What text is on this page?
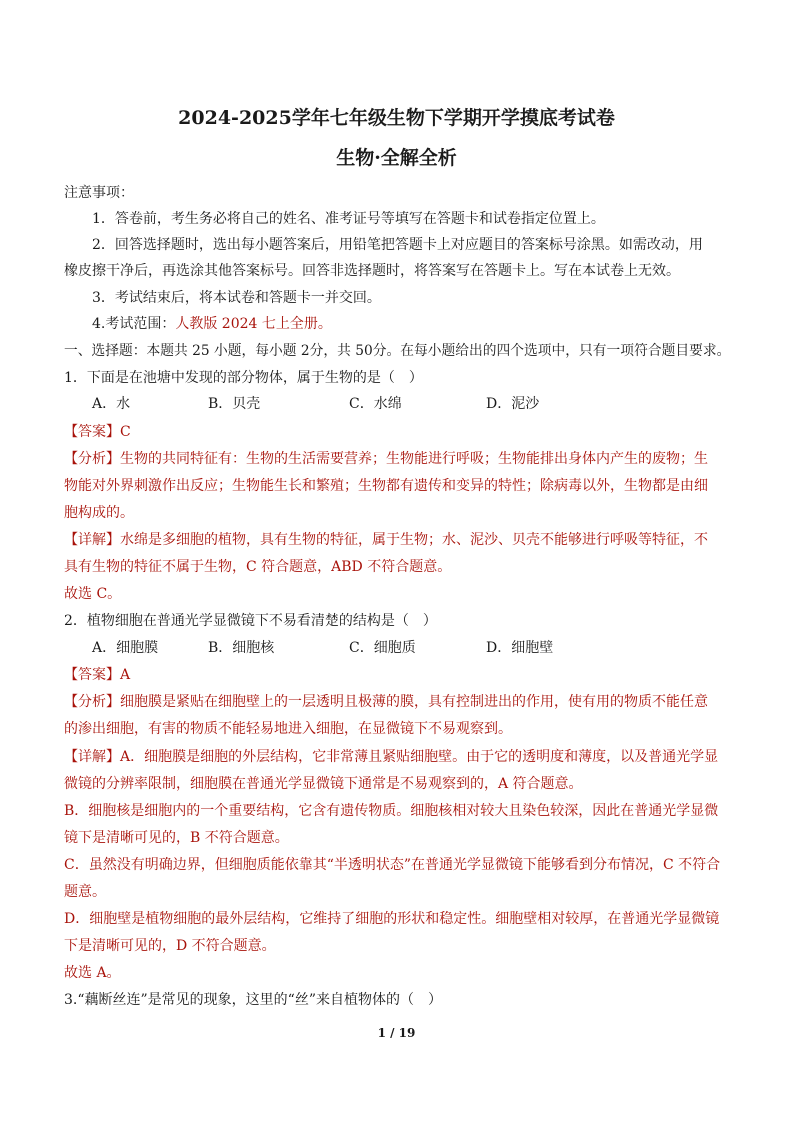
2024-2025学年七年级生物下学期开学摸底考试卷
生物·全解全析
注意事项：
1．答卷前，考生务必将自己的姓名、准考证号等填写在答题卡和试卷指定位置上。
2．回答选择题时，选出每小题答案后，用铅笔把答题卡上对应题目的答案标号涂黑。如需改动，用
橡皮擦干净后，再选涂其他答案标号。回答非选择题时，将答案写在答题卡上。写在本试卷上无效。
3．考试结束后，将本试卷和答题卡一并交回。
4.考试范围：人教版 2024 七上全册。
一、选择题：本题共 25 小题，每小题 2分，共 50分。在每小题给出的四个选项中，只有一项符合题目要求。
1．下面是在池塘中发现的部分物体，属于生物的是（　）
A．水	B．贝壳	C．水绵	D．泥沙
【答案】C
【分析】生物的共同特征有：生物的生活需要营养；生物能进行呼吸；生物能排出身体内产生的废物；生
物能对外界刺激作出反应；生物能生长和繁殖；生物都有遗传和变异的特性；除病毒以外，生物都是由细
胞构成的。
【详解】水绵是多细胞的植物，具有生物的特征，属于生物；水、泥沙、贝壳不能够进行呼吸等特征，不
具有生物的特征不属于生物，C 符合题意，ABD 不符合题意。
故选 C。
2．植物细胞在普通光学显微镜下不易看清楚的结构是（　）
A．细胞膜	B．细胞核	C．细胞质	D．细胞壁
【答案】A
【分析】细胞膜是紧贴在细胞壁上的一层透明且极薄的膜，具有控制进出的作用，使有用的物质不能任意
的渗出细胞，有害的物质不能轻易地进入细胞，在显微镜下不易观察到。
【详解】A．细胞膜是细胞的外层结构，它非常薄且紧贴细胞壁。由于它的透明度和薄度，以及普通光学显
微镜的分辨率限制，细胞膜在普通光学显微镜下通常是不易观察到的，A 符合题意。
B．细胞核是细胞内的一个重要结构，它含有遗传物质。细胞核相对较大且染色较深，因此在普通光学显微
镜下是清晰可见的，B 不符合题意。
C．虽然没有明确边界，但细胞质能依靠其“半透明状态”在普通光学显微镜下能够看到分布情况，C 不符合
题意。
D．细胞壁是植物细胞的最外层结构，它维持了细胞的形状和稳定性。细胞壁相对较厚，在普通光学显微镜
下是清晰可见的，D 不符合题意。
故选 A。
3.“藕断丝连”是常见的现象，这里的“丝”来自植物体的（　）
1 / 19
